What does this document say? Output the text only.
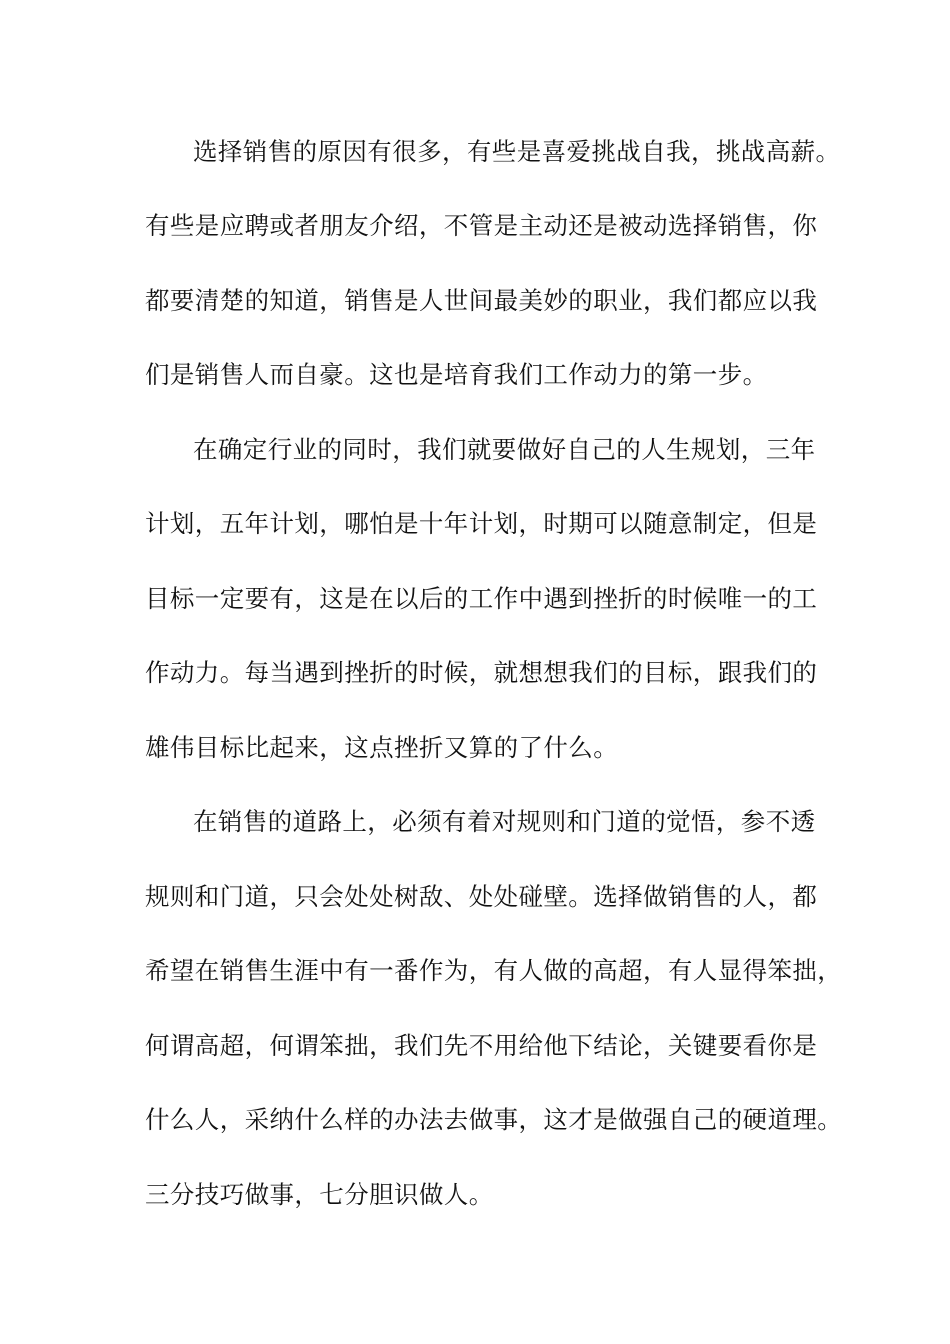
选择销售的原因有很多，有些是喜爱挑战自我，挑战高薪。
有些是应聘或者朋友介绍，不管是主动还是被动选择销售，你
都要清楚的知道，销售是人世间最美妙的职业，我们都应以我
们是销售人而自豪。这也是培育我们工作动力的第一步。
在确定行业的同时，我们就要做好自己的人生规划，三年
计划，五年计划，哪怕是十年计划，时期可以随意制定，但是
目标一定要有，这是在以后的工作中遇到挫折的时候唯一的工
作动力。每当遇到挫折的时候，就想想我们的目标，跟我们的
雄伟目标比起来，这点挫折又算的了什么。
在销售的道路上，必须有着对规则和门道的觉悟，参不透
规则和门道，只会处处树敌、处处碰壁。选择做销售的人，都
希望在销售生涯中有一番作为，有人做的高超，有人显得笨拙，
何谓高超，何谓笨拙，我们先不用给他下结论，关键要看你是
什么人，采纳什么样的办法去做事，这才是做强自己的硬道理。
三分技巧做事，七分胆识做人。
